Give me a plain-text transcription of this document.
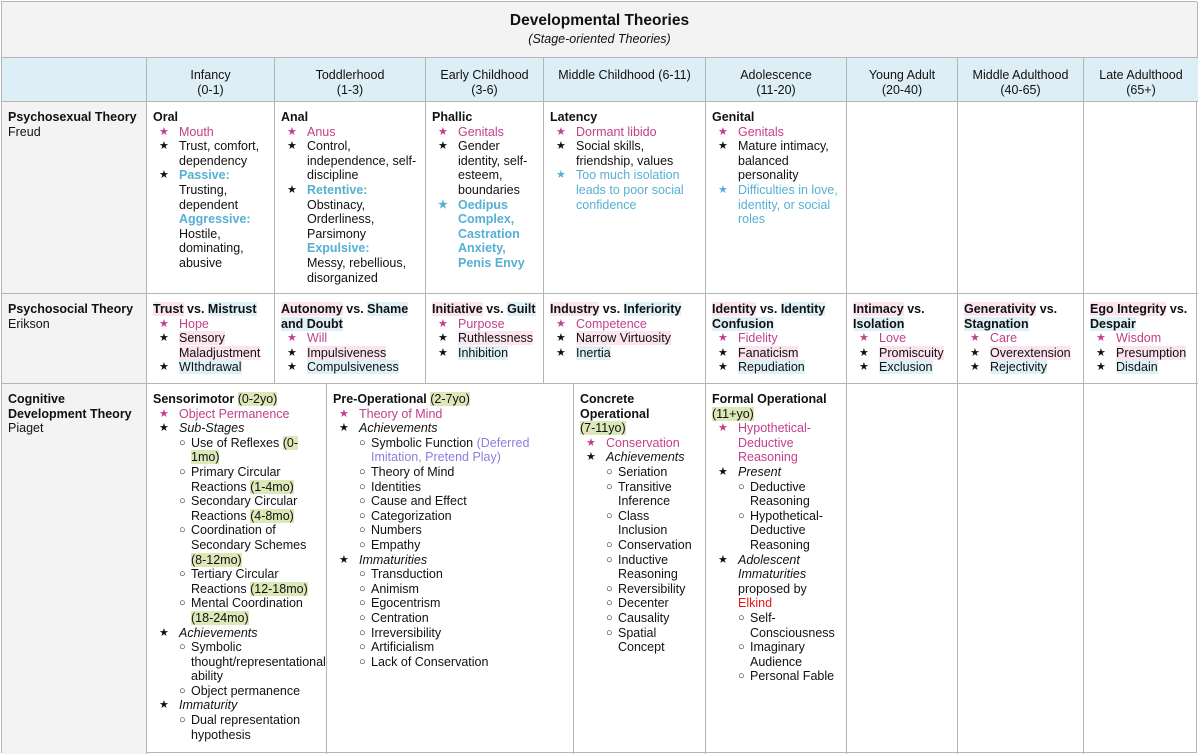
Developmental Theories
(Stage-oriented Theories)
Infancy
(0-1)
Toddlerhood
(1-3)
Early Childhood
(3-6)
Middle Childhood (6-11)	Adolescence
(11-20)
Young Adult
(20-40)
Middle Adulthood
(40-65)
Late Adulthood
(65+)
Psychosexual Theory
Freud
Oral
★ Mouth
★ Trust, comfort, dependency
★ Passive:
Trusting, dependent
Aggressive:
Hostile, dominating, abusive
Anal
★ Anus
★ Control, independence, self-discipline
★ Retentive:
Obstinacy, Orderliness, Parsimony
Expulsive:
Messy, rebellious, disorganized
Phallic
★ Genitals
★ Gender identity, self-esteem, boundaries
★ Oedipus Complex, Castration Anxiety, Penis Envy
Latency
★ Dormant libido
★ Social skills, friendship, values
★ Too much isolation leads to poor social confidence
Genital
★ Genitals
★ Mature intimacy, balanced personality
★ Difficulties in love, identity, or social roles
Psychosocial Theory
Erikson
Trust vs. Mistrust
★ Hope
★ Sensory Maladjustment
★ WIthdrawal
Autonomy vs. Shame and Doubt
★ Will
★ Impulsiveness
★ Compulsiveness
Initiative vs. Guilt
★ Purpose
★ Ruthlessness
★ Inhibition
Industry vs. Inferiority
★ Competence
★ Narrow Virtuosity
★ Inertia
Identity vs. Identity Confusion
★ Fidelity
★ Fanaticism
★ Repudiation
Intimacy vs. Isolation
★ Love
★ Promiscuity
★ Exclusion
Generativity vs. Stagnation
★ Care
★ Overextension
★ Rejectivity
Ego Integrity vs. Despair
★ Wisdom
★ Presumption
★ Disdain
Cognitive Development Theory
Piaget
Sensorimotor (0-2yo)
★ Object Permanence
★ Sub-Stages
○ Use of Reflexes (0-1mo)
○ Primary Circular Reactions (1-4mo)
○ Secondary Circular Reactions (4-8mo)
○ Coordination of Secondary Schemes (8-12mo)
○ Tertiary Circular Reactions (12-18mo)
○ Mental Coordination (18-24mo)
★ Achievements
○ Symbolic thought/representational ability
○ Object permanence
★ Immaturity
○ Dual representation hypothesis
Pre-Operational (2-7yo)
★ Theory of Mind
★ Achievements
○ Symbolic Function (Deferred Imitation, Pretend Play)
○ Theory of Mind
○ Identities
○ Cause and Effect
○ Categorization
○ Numbers
○ Empathy
★ Immaturities
○ Transduction
○ Animism
○ Egocentrism
○ Centration
○ Irreversibility
○ Artificialism
○ Lack of Conservation
Concrete Operational
(7-11yo)
★ Conservation
★ Achievements
○ Seriation
○ Transitive Inference
○ Class Inclusion
○ Conservation
○ Inductive Reasoning
○ Reversibility
○ Decenter
○ Causality
○ Spatial Concept
Formal Operational
(11+yo)
★ Hypothetical-Deductive Reasoning
★ Present
○ Deductive Reasoning
○ Hypothetical-Deductive Reasoning
★ Adolescent Immaturities
proposed by
Elkind
○ Self-Consciousness
○ Imaginary Audience
○ Personal Fable
